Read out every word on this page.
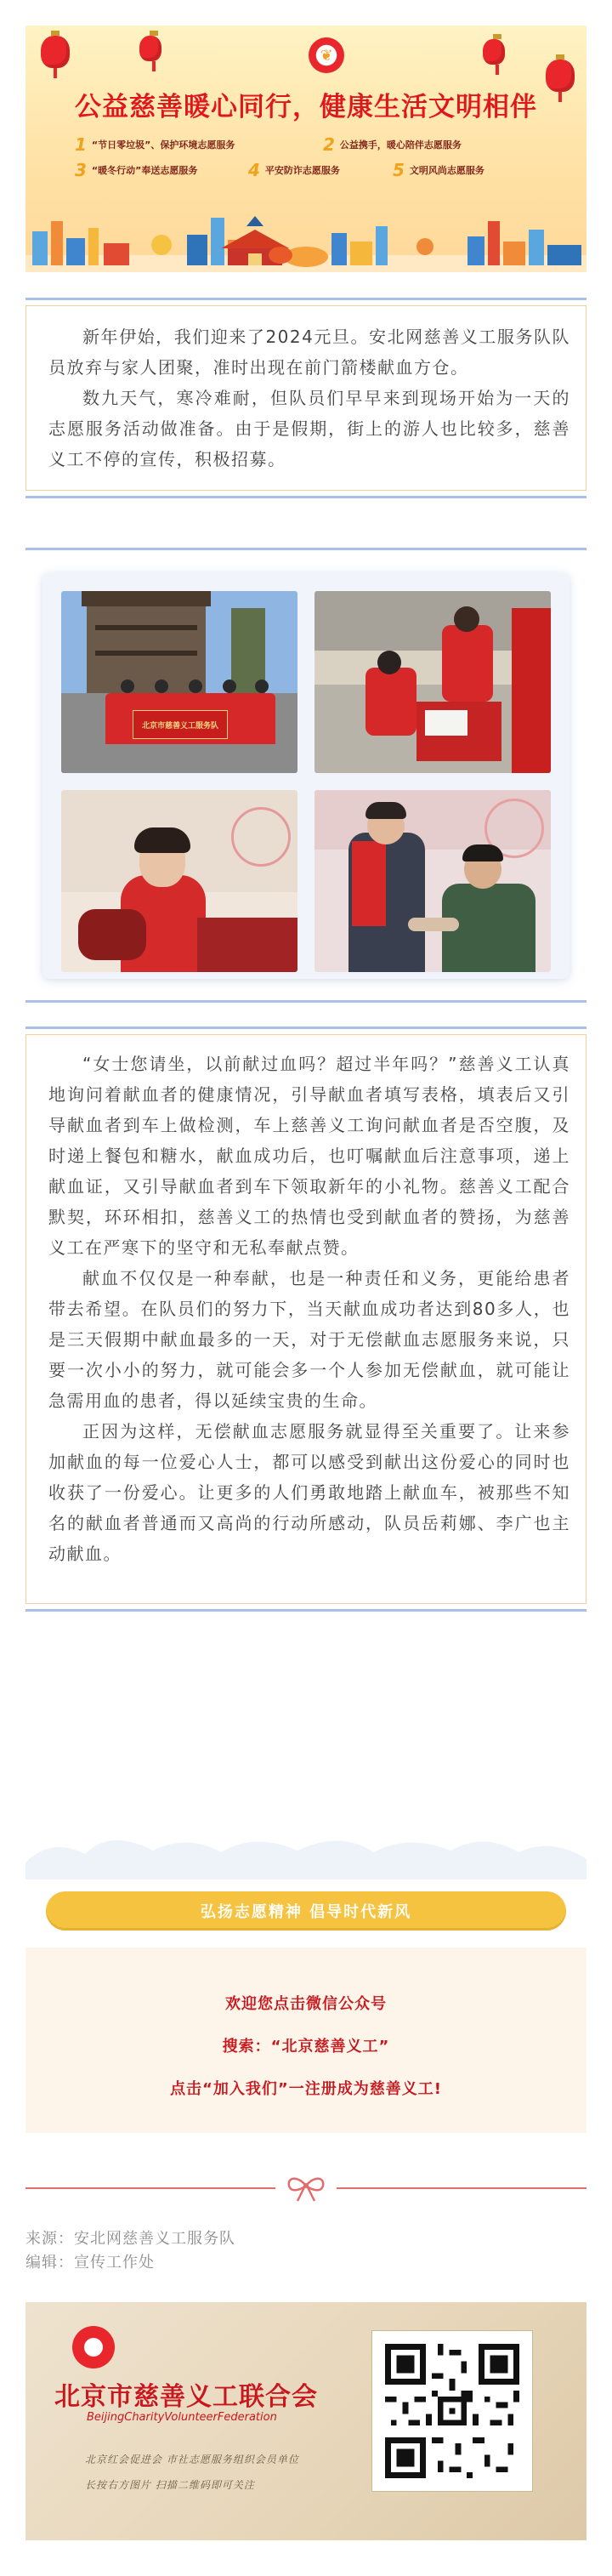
❦
公益慈善暖心同行，健康生活文明相伴
1 “节日零垃圾”、保护环境志愿服务	2 公益携手，暖心陪伴志愿服务
3 “暖冬行动”奉送志愿服务	4 平安防诈志愿服务	5 文明风尚志愿服务

新年伊始，我们迎来了2024元旦。安北网慈善义工服务队队员放弃与家人团聚，准时出现在前门箭楼献血方仓。

数九天气，寒冷难耐，但队员们早早来到现场开始为一天的志愿服务活动做准备。由于是假期，街上的游人也比较多，慈善义工不停的宣传，积极招募。

北京市慈善义工服务队

“女士您请坐，以前献过血吗？超过半年吗？”慈善义工认真地询问着献血者的健康情况，引导献血者填写表格，填表后又引导献血者到车上做检测，车上慈善义工询问献血者是否空腹，及时递上餐包和糖水，献血成功后，也叮嘱献血后注意事项，递上献血证，又引导献血者到车下领取新年的小礼物。慈善义工配合默契，环环相扣，慈善义工的热情也受到献血者的赞扬，为慈善义工在严寒下的坚守和无私奉献点赞。

献血不仅仅是一种奉献，也是一种责任和义务，更能给患者带去希望。在队员们的努力下，当天献血成功者达到80多人，也是三天假期中献血最多的一天，对于无偿献血志愿服务来说，只要一次小小的努力，就可能会多一个人参加无偿献血，就可能让急需用血的患者，得以延续宝贵的生命。

正因为这样，无偿献血志愿服务就显得至关重要了。让来参加献血的每一位爱心人士，都可以感受到献出这份爱心的同时也收获了一份爱心。让更多的人们勇敢地踏上献血车，被那些不知名的献血者普通而又高尚的行动所感动，队员岳莉娜、李广也主动献血。

弘扬志愿精神 倡导时代新风
欢迎您点击微信公众号
搜索：“北京慈善义工”
点击“加入我们”一注册成为慈善义工!
来源：安北网慈善义工服务队
编辑：宣传工作处
北京市慈善义工联合会
BeijingCharityVolunteerFederation
北京红会促进会 市社志愿服务组织会员单位
长按右方图片 扫描二维码即可关注
